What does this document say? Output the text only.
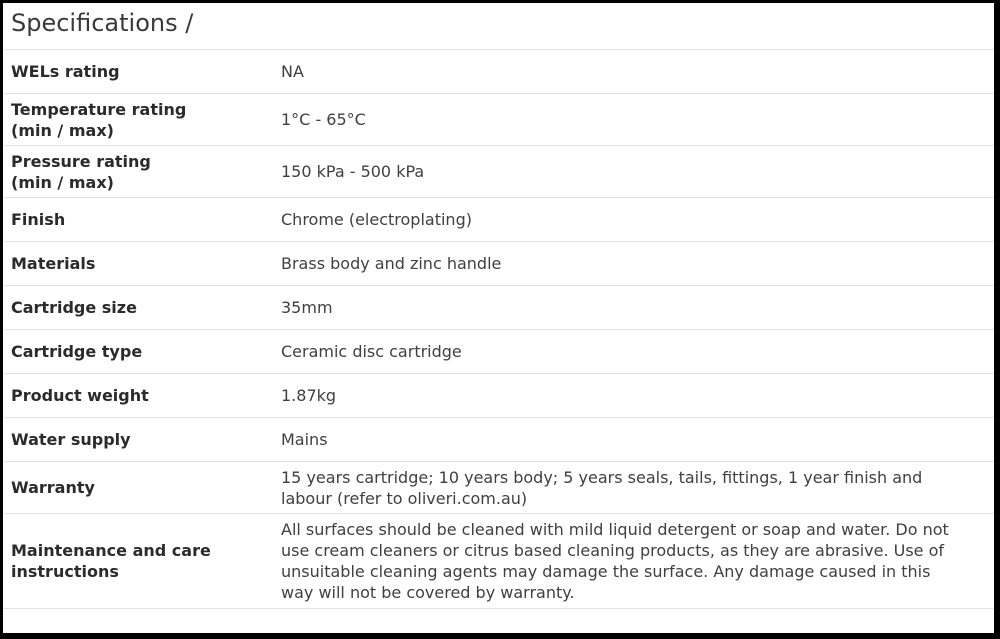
Specifications /
WELs rating	NA
Temperature rating
(min / max)	1°C - 65°C
Pressure rating
(min / max)	150 kPa - 500 kPa
Finish	Chrome (electroplating)
Materials	Brass body and zinc handle
Cartridge size	35mm
Cartridge type	Ceramic disc cartridge
Product weight	1.87kg
Water supply	Mains
Warranty	15 years cartridge; 10 years body; 5 years seals, tails, fittings, 1 year finish and labour (refer to oliveri.com.au)
Maintenance and care instructions	All surfaces should be cleaned with mild liquid detergent or soap and water. Do not use cream cleaners or citrus based cleaning products, as they are abrasive. Use of unsuitable cleaning agents may damage the surface. Any damage caused in this way will not be covered by warranty.
